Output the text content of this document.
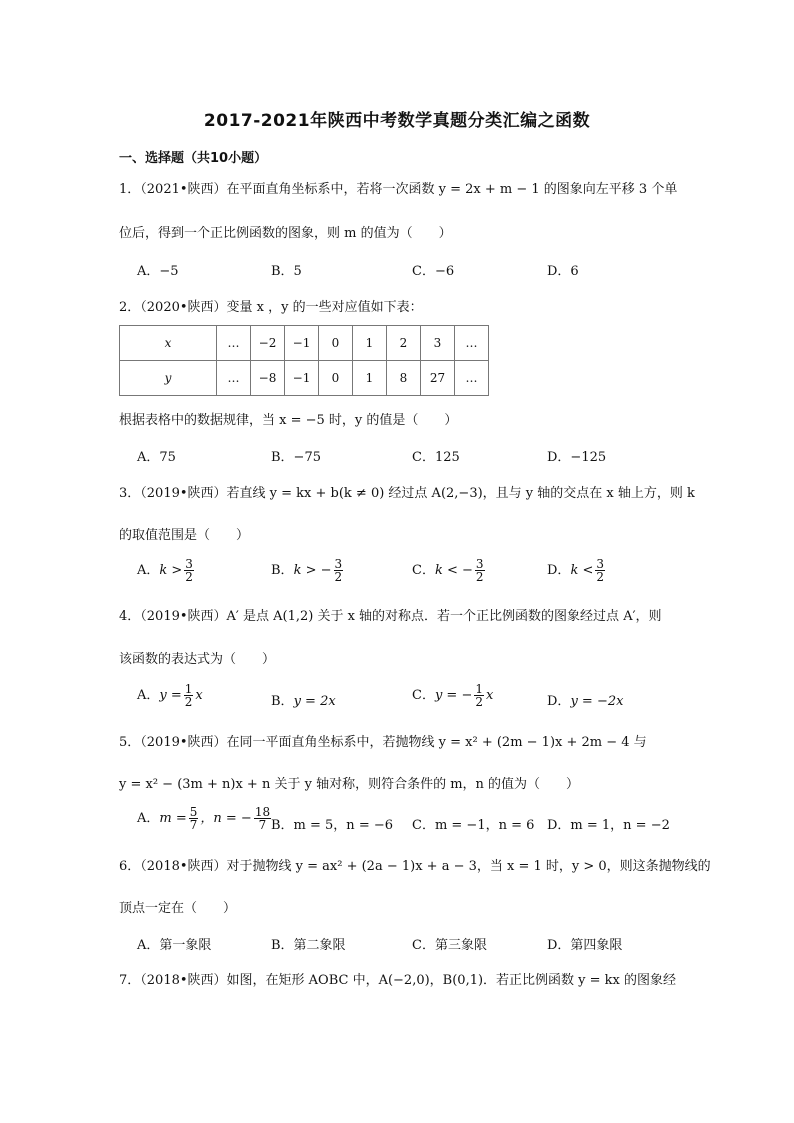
2017-2021年陕西中考数学真题分类汇编之函数
一、选择题（共10小题）
1．（2021•陕西）在平面直角坐标系中，若将一次函数 y = 2x + m − 1 的图象向左平移 3 个单
位后，得到一个正比例函数的图象，则 m 的值为（　　）
A．−5	B．5	C．−6	D．6
2．（2020•陕西）变量 x ，y 的一些对应值如下表：
x	…	−2	−1	0	1	2	3	…
y	…	−8	−1	0	1	8	27	…
根据表格中的数据规律，当 x = −5 时，y 的值是（　　）
A．75	B．−75	C．125	D．−125
3．（2019•陕西）若直线 y = kx + b(k ≠ 0) 经过点 A(2,−3)，且与 y 轴的交点在 x 轴上方，则 k
的取值范围是（　　）
A．$k > \frac{3}{2}$	B．k > − $\frac{3}{2}$	C．k < − $\frac{3}{2}$	D．$k < \frac{3}{2}$
4．（2019•陕西）A′ 是点 A(1,2) 关于 x 轴的对称点．若一个正比例函数的图象经过点 A′，则
该函数的表达式为（　　）
A．$y = \frac{1}{2}$ x	B．y = 2x	C．y = − $\frac{1}{2}$ x	D．y = −2x
5．（2019•陕西）在同一平面直角坐标系中，若抛物线 y = x² + (2m − 1)x + 2m − 4 与
y = x² − (3m + n)x + n 关于 y 轴对称，则符合条件的 m，n 的值为（　　）
A．$m = \frac{5}{7}$ ，n = − $\frac{18}{7}$ B．m = 5，n = −6 C．m = −1，n = 6 D．m = 1，n = −2
6．（2018•陕西）对于抛物线 y = ax² + (2a − 1)x + a − 3，当 x = 1 时，y > 0，则这条抛物线的
顶点一定在（　　）
A．第一象限	B．第二象限	C．第三象限	D．第四象限
7．（2018•陕西）如图，在矩形 AOBC 中，A(−2,0)，B(0,1)．若正比例函数 y = kx 的图象经
